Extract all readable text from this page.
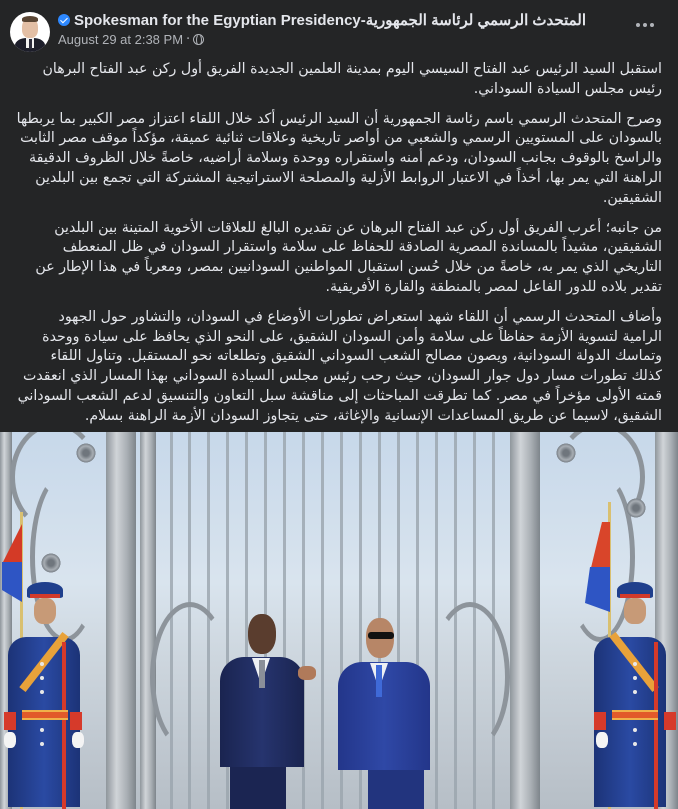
Spokesman for the Egyptian Presidency-المتحدث الرسمي لرئاسة الجمهورية
August 29 at 2:38 PM ·

استقبل السيد الرئيس عبد الفتاح السيسي اليوم بمدينة العلمين الجديدة الفريق أول ركن عبد الفتاح البرهان رئيس مجلس السيادة السوداني.

وصرح المتحدث الرسمي باسم رئاسة الجمهورية أن السيد الرئيس أكد خلال اللقاء اعتزاز مصر الكبير بما يربطها بالسودان على المستويين الرسمي والشعبي من أواصر تاريخية وعلاقات ثنائية عميقة، مؤكداً موقف مصر الثابت والراسخ بالوقوف بجانب السودان، ودعم أمنه واستقراره ووحدة وسلامة أراضيه، خاصةً خلال الظروف الدقيقة الراهنة التي يمر بها، أخذاً في الاعتبار الروابط الأزلية والمصلحة الاستراتيجية المشتركة التي تجمع بين البلدين الشقيقين.

من جانبه؛ أعرب الفريق أول ركن عبد الفتاح البرهان عن تقديره البالغ للعلاقات الأخوية المتينة بين البلدين الشقيقين، مشيداً بالمساندة المصرية الصادقة للحفاظ على سلامة واستقرار السودان في ظل المنعطف التاريخي الذي يمر به، خاصةً من خلال حُسن استقبال المواطنين السودانيين بمصر، ومعرباً في هذا الإطار عن تقدير بلاده للدور الفاعل لمصر بالمنطقة والقارة الأفريقية.

وأضاف المتحدث الرسمي أن اللقاء شهد استعراض تطورات الأوضاع في السودان، والتشاور حول الجهود الرامية لتسوية الأزمة حفاظاً على سلامة وأمن السودان الشقيق، على النحو الذي يحافظ على سيادة ووحدة وتماسك الدولة السودانية، ويصون مصالح الشعب السوداني الشقيق وتطلعاته نحو المستقبل. وتناول اللقاء كذلك تطورات مسار دول جوار السودان، حيث رحب رئيس مجلس السيادة السوداني بهذا المسار الذي انعقدت قمته الأولى مؤخراً في مصر. كما تطرقت المباحثات إلى مناقشة سبل التعاون والتنسيق لدعم الشعب السوداني الشقيق، لاسيما عن طريق المساعدات الإنسانية والإغاثة، حتى يتجاوز السودان الأزمة الراهنة بسلام.
